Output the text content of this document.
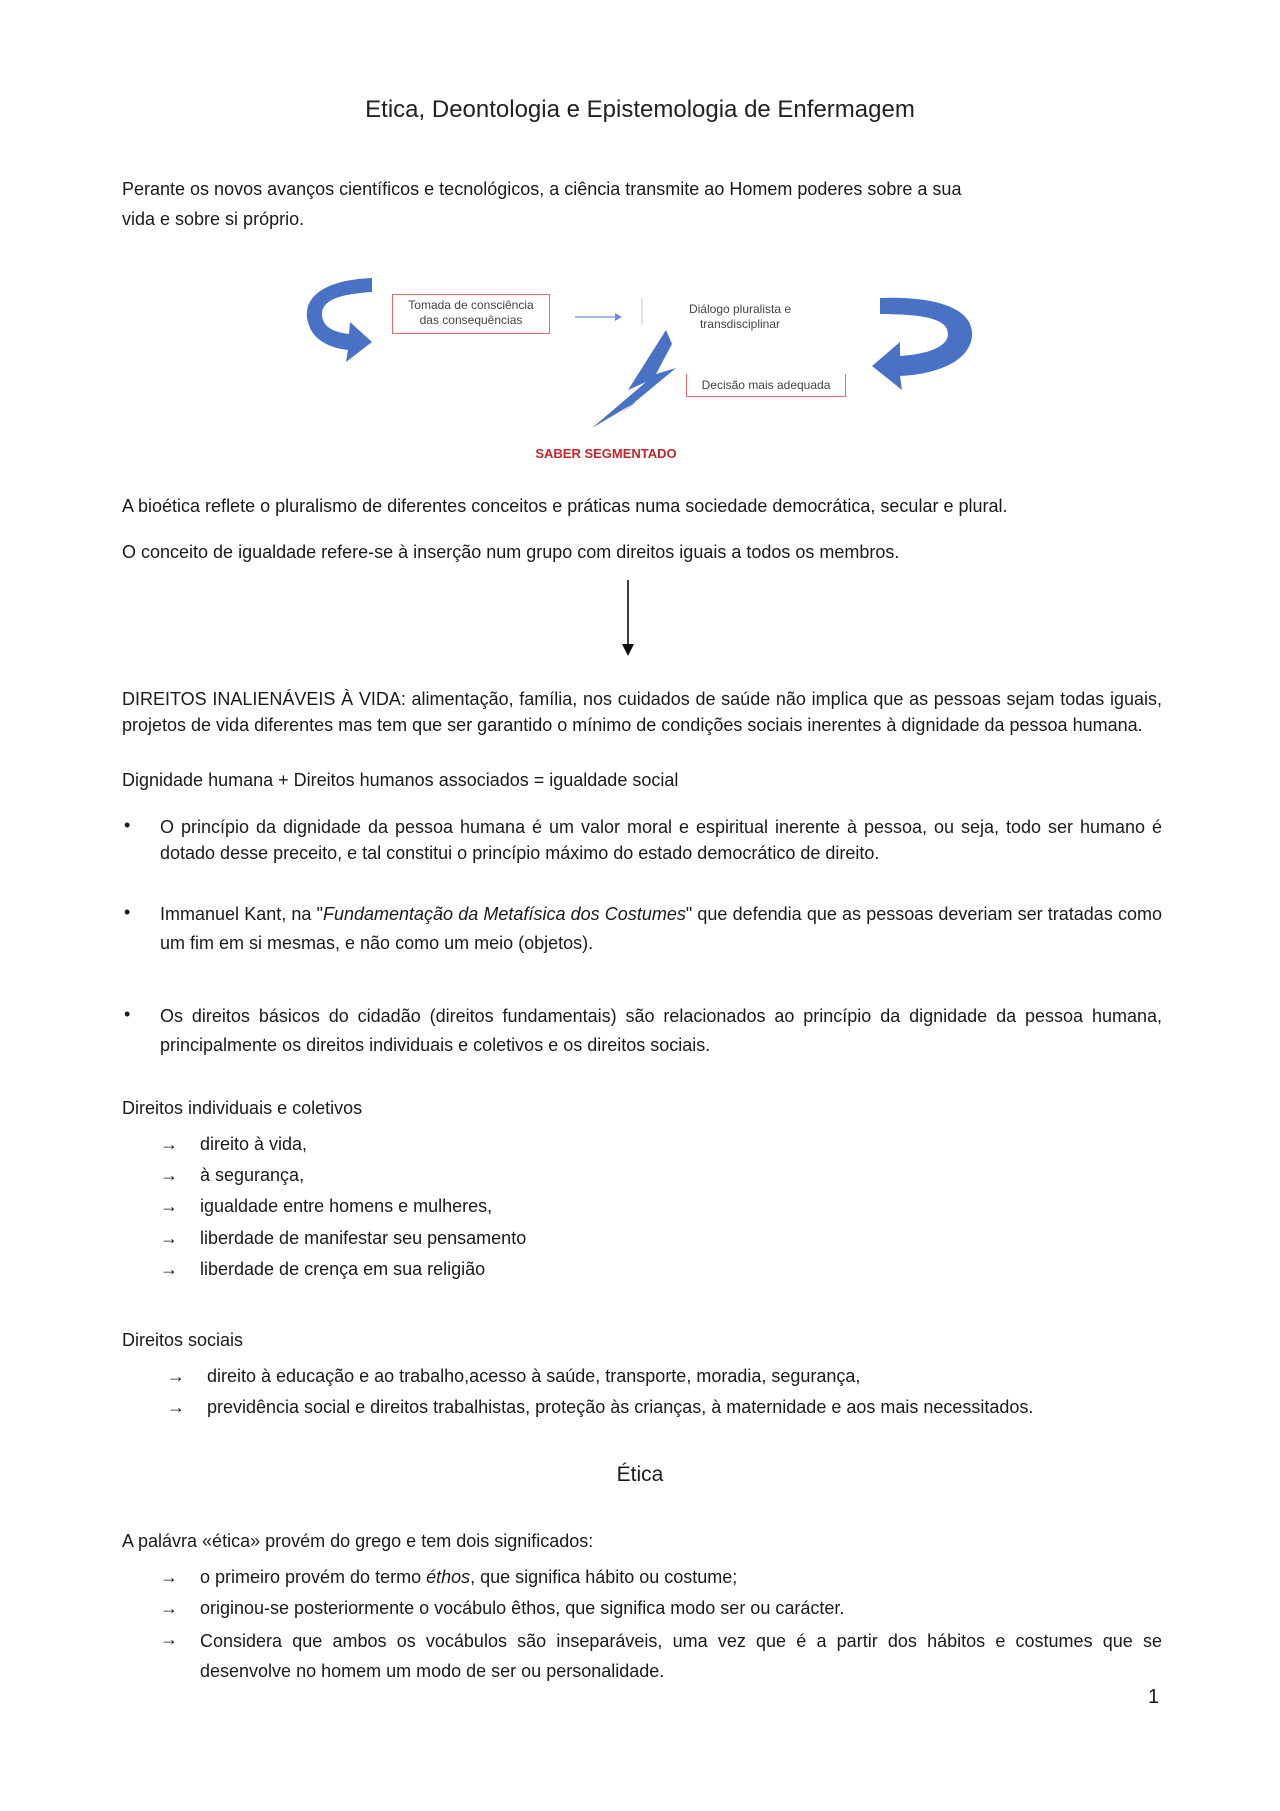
Etica, Deontologia e Epistemologia de Enfermagem
Perante os novos avanços científicos e tecnológicos, a ciência transmite ao Homem poderes sobre a sua
vida e sobre si próprio.
Tomada de consciência
das consequências
Diálogo pluralista e
transdisciplinar
Decisão mais adequada
SABER SEGMENTADO
A bioética reflete o pluralismo de diferentes conceitos e práticas numa sociedade democrática, secular e plural.
O conceito de igualdade refere-se à inserção num grupo com direitos iguais a todos os membros.
DIREITOS INALIENÁVEIS À VIDA: alimentação, família, nos cuidados de saúde não implica que as pessoas sejam todas iguais, projetos de vida diferentes mas tem que ser garantido o mínimo de condições sociais inerentes à dignidade da pessoa humana.
Dignidade humana + Direitos humanos associados = igualdade social
• O princípio da dignidade da pessoa humana é um valor moral e espiritual inerente à pessoa, ou seja, todo ser humano é dotado desse preceito, e tal constitui o princípio máximo do estado democrático de direito.
• Immanuel Kant, na "Fundamentação da Metafísica dos Costumes" que defendia que as pessoas deveriam ser tratadas como um fim em si mesmas, e não como um meio (objetos).
• Os direitos básicos do cidadão (direitos fundamentais) são relacionados ao princípio da dignidade da pessoa humana, principalmente os direitos individuais e coletivos e os direitos sociais.
Direitos individuais e coletivos
→ direito à vida,
→ à segurança,
→ igualdade entre homens e mulheres,
→ liberdade de manifestar seu pensamento
→ liberdade de crença em sua religião
Direitos sociais
→ direito à educação e ao trabalho,acesso à saúde, transporte, moradia, segurança,
→ previdência social e direitos trabalhistas, proteção às crianças, à maternidade e aos mais necessitados.
Ética
A palávra «ética» provém do grego e tem dois significados:
→ o primeiro provém do termo éthos, que significa hábito ou costume;
→ originou-se posteriormente o vocábulo êthos, que significa modo ser ou carácter.
→ Considera que ambos os vocábulos são inseparáveis, uma vez que é a partir dos hábitos e costumes que se desenvolve no homem um modo de ser ou personalidade.
1
